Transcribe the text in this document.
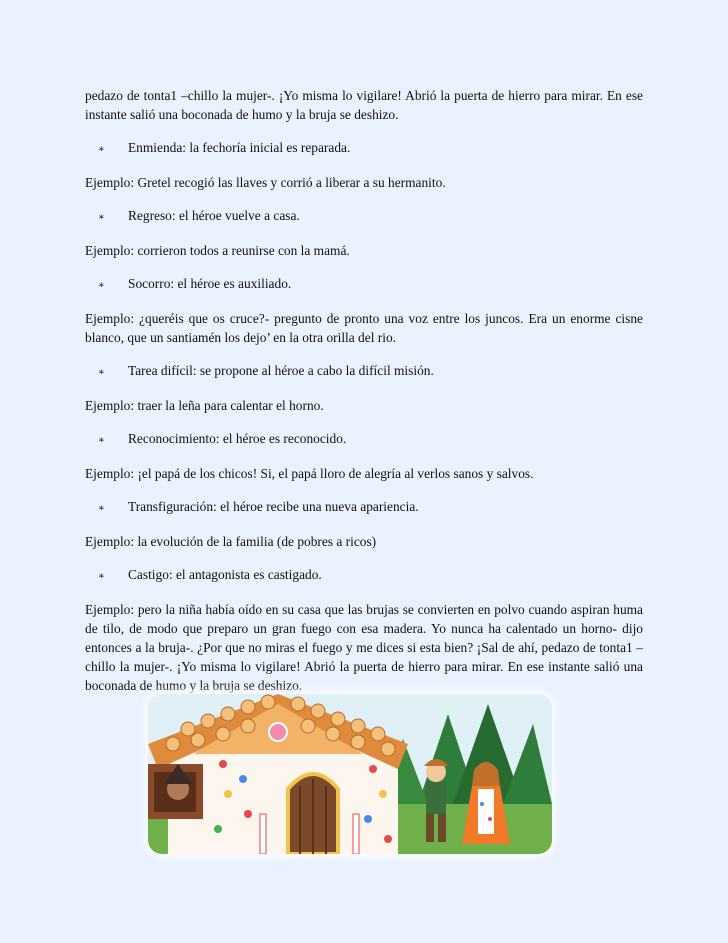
pedazo de tonta1 –chillo la mujer-. ¡Yo misma lo vigilare! Abrió la puerta de hierro para mirar. En ese instante salió una boconada de humo y la bruja se deshizo.

∗	Enmienda: la fechoría inicial es reparada.

Ejemplo: Gretel recogió las llaves y corrió a liberar a su hermanito.

∗	Regreso: el héroe vuelve a casa.

Ejemplo: corrieron todos a reunirse con la mamá.

∗	Socorro: el héroe es auxiliado.

Ejemplo: ¿queréis que os cruce?- pregunto de pronto una voz entre los juncos. Era un enorme cisne blanco, que un santiamén los dejo’ en la otra orilla del rio.

∗	Tarea difícil: se propone al héroe a cabo la difícil misión.

Ejemplo: traer la leña para calentar el horno.

∗	Reconocimiento: el héroe es reconocido.

Ejemplo: ¡el papá de los chicos! Si, el papá lloro de alegría al verlos sanos y salvos.

∗	Transfiguración: el héroe recibe una nueva apariencia.

Ejemplo: la evolución de la familia (de pobres a ricos)

∗	Castigo: el antagonista es castigado.

Ejemplo: pero la niña había oído en su casa que las brujas se convierten en polvo cuando aspiran huma de tilo, de modo que preparo un gran fuego con esa madera. Yo nunca ha calentado un horno- dijo entonces a la bruja-. ¿Por que no miras el fuego y me dices si esta bien? ¡Sal de ahí, pedazo de tonta1 –chillo la mujer-. ¡Yo misma lo vigilare! Abrió la puerta de hierro para mirar. En ese instante salió una boconada de humo y la bruja se deshizo.
